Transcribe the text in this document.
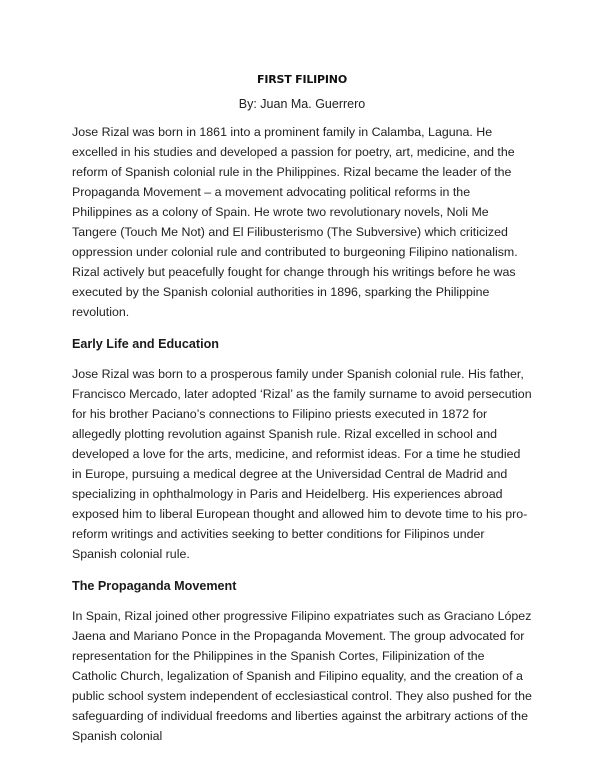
FIRST FILIPINO
By: Juan Ma. Guerrero

Jose Rizal was born in 1861 into a prominent family in Calamba, Laguna. He excelled in his studies and developed a passion for poetry, art, medicine, and the reform of Spanish colonial rule in the Philippines. Rizal became the leader of the Propaganda Movement – a movement advocating political reforms in the Philippines as a colony of Spain. He wrote two revolutionary novels, Noli Me Tangere (Touch Me Not) and El Filibusterismo (The Subversive) which criticized oppression under colonial rule and contributed to burgeoning Filipino nationalism. Rizal actively but peacefully fought for change through his writings before he was executed by the Spanish colonial authorities in 1896, sparking the Philippine revolution.

Early Life and Education

Jose Rizal was born to a prosperous family under Spanish colonial rule. His father, Francisco Mercado, later adopted ‘Rizal’ as the family surname to avoid persecution for his brother Paciano’s connections to Filipino priests executed in 1872 for allegedly plotting revolution against Spanish rule. Rizal excelled in school and developed a love for the arts, medicine, and reformist ideas. For a time he studied in Europe, pursuing a medical degree at the Universidad Central de Madrid and specializing in ophthalmology in Paris and Heidelberg. His experiences abroad exposed him to liberal European thought and allowed him to devote time to his pro-reform writings and activities seeking to better conditions for Filipinos under Spanish colonial rule.

The Propaganda Movement

In Spain, Rizal joined other progressive Filipino expatriates such as Graciano López Jaena and Mariano Ponce in the Propaganda Movement. The group advocated for representation for the Philippines in the Spanish Cortes, Filipinization of the Catholic Church, legalization of Spanish and Filipino equality, and the creation of a public school system independent of ecclesiastical control. They also pushed for the safeguarding of individual freedoms and liberties against the arbitrary actions of the Spanish colonial
